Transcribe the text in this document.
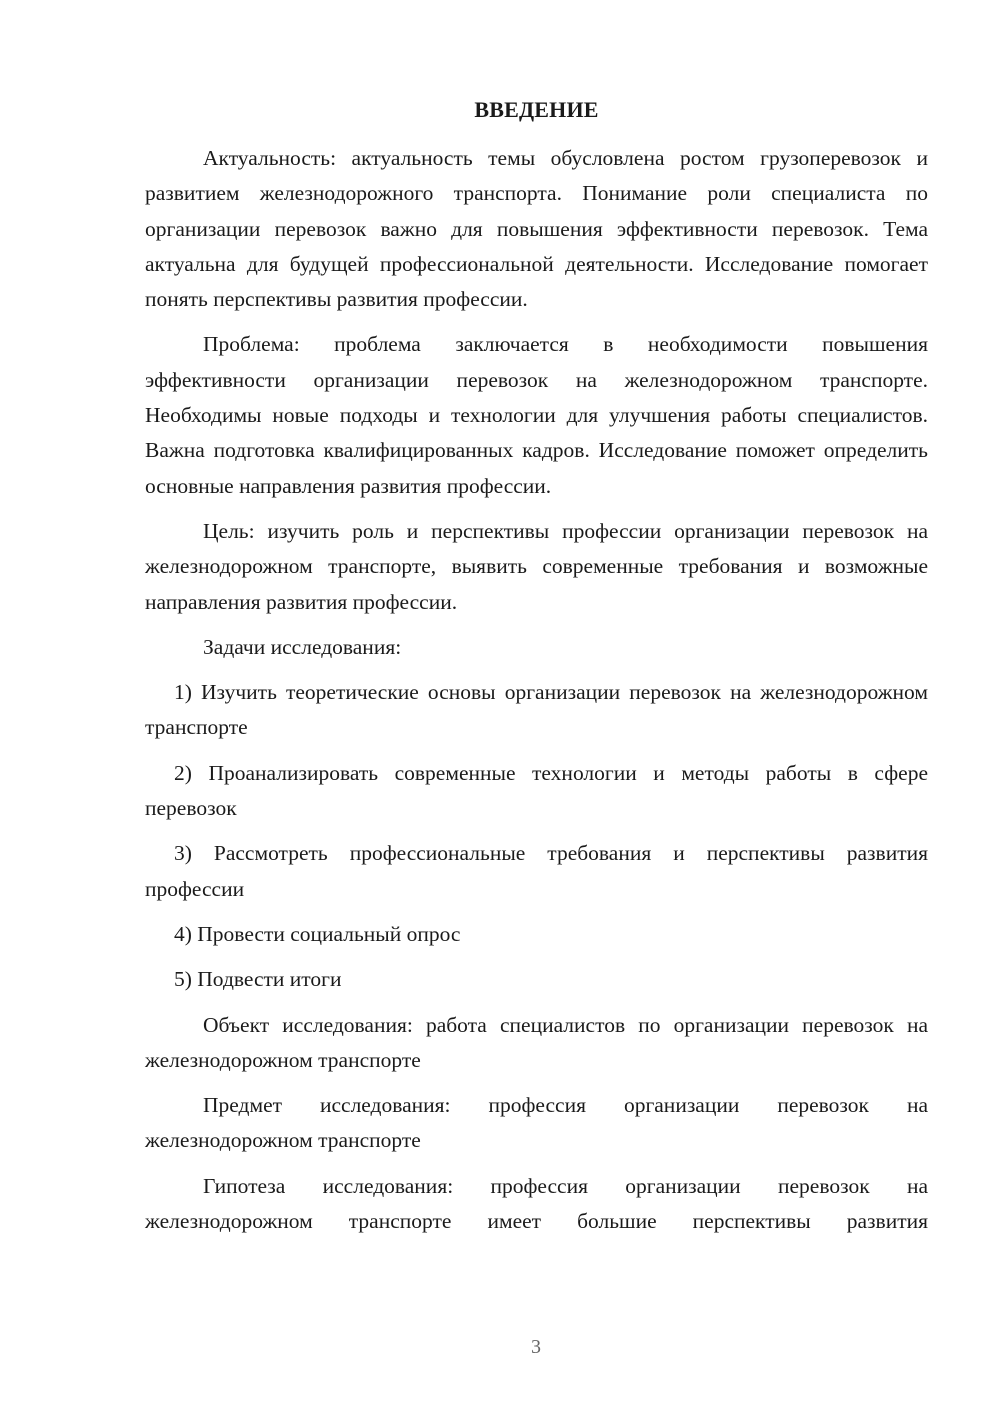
ВВЕДЕНИЕ

Актуальность: актуальность темы обусловлена ростом грузоперевозок и развитием железнодорожного транспорта. Понимание роли специалиста по организации перевозок важно для повышения эффективности перевозок. Тема актуальна для будущей профессиональной деятельности. Исследование помогает понять перспективы развития профессии.

Проблема: проблема заключается в необходимости повышения эффективности организации перевозок на железнодорожном транспорте. Необходимы новые подходы и технологии для улучшения работы специалистов. Важна подготовка квалифицированных кадров. Исследование поможет определить основные направления развития профессии.

Цель: изучить роль и перспективы профессии организации перевозок на железнодорожном транспорте, выявить современные требования и возможные направления развития профессии.

Задачи исследования:

1) Изучить теоретические основы организации перевозок на железнодорожном транспорте

2) Проанализировать современные технологии и методы работы в сфере перевозок

3) Рассмотреть профессиональные требования и перспективы развития профессии

4) Провести социальный опрос

5) Подвести итоги

Объект исследования: работа специалистов по организации перевозок на железнодорожном транспорте

Предмет исследования: профессия организации перевозок на железнодорожном транспорте

Гипотеза исследования: профессия организации перевозок на железнодорожном транспорте имеет большие перспективы развития

3
